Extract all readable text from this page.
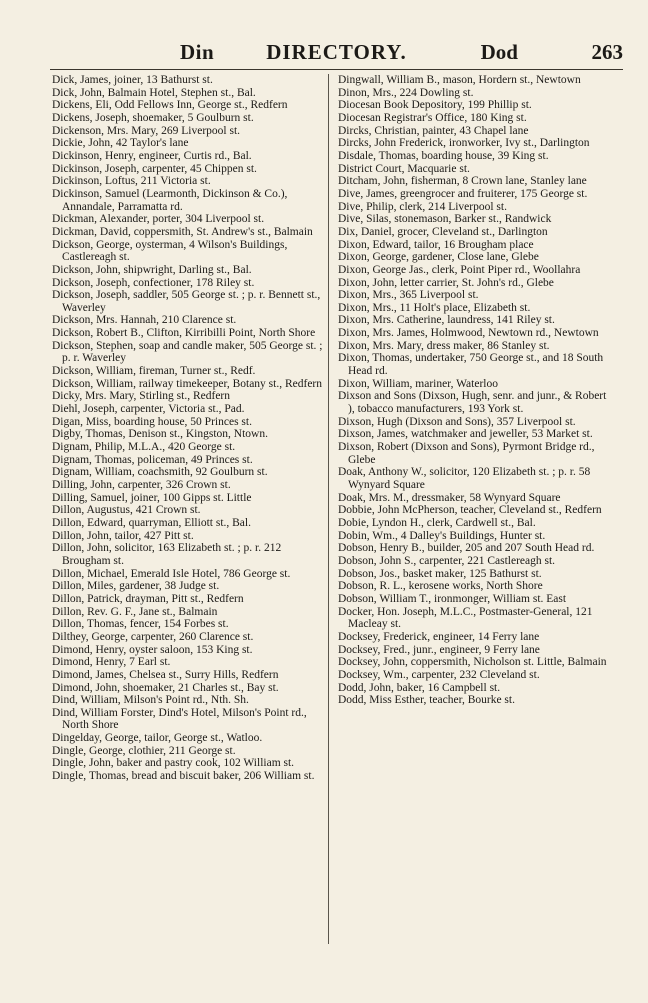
Din	DIRECTORY.	Dod	263
Dick, James, joiner, 13 Bathurst st.
Dick, John, Balmain Hotel, Stephen st., Bal.
Dickens, Eli, Odd Fellows Inn, George st., Redfern
Dickens, Joseph, shoemaker, 5 Goulburn st.
Dickenson, Mrs. Mary, 269 Liverpool st.
Dickie, John, 42 Taylor's lane
Dickinson, Henry, engineer, Curtis rd., Bal.
Dickinson, Joseph, carpenter, 45 Chippen st.
Dickinson, Loftus, 211 Victoria st.
Dickinson, Samuel (Learmonth, Dickinson & Co.), Annandale, Parramatta rd.
Dickman, Alexander, porter, 304 Liverpool st.
Dickman, David, coppersmith, St. Andrew's st., Balmain
Dickson, George, oysterman, 4 Wilson's Buildings, Castlereagh st.
Dickson, John, shipwright, Darling st., Bal.
Dickson, Joseph, confectioner, 178 Riley st.
Dickson, Joseph, saddler, 505 George st. ; p. r. Bennett st., Waverley
Dickson, Mrs. Hannah, 210 Clarence st.
Dickson, Robert B., Clifton, Kirribilli Point, North Shore
Dickson, Stephen, soap and candle maker, 505 George st. ; p. r. Waverley
Dickson, William, fireman, Turner st., Redf.
Dickson, William, railway timekeeper, Botany st., Redfern
Dicky, Mrs. Mary, Stirling st., Redfern
Diehl, Joseph, carpenter, Victoria st., Pad.
Digan, Miss, boarding house, 50 Princes st.
Digby, Thomas, Denison st., Kingston, Ntown.
Dignam, Philip, M.L.A., 420 George st.
Dignam, Thomas, policeman, 49 Princes st.
Dignam, William, coachsmith, 92 Goulburn st.
Dilling, John, carpenter, 326 Crown st.
Dilling, Samuel, joiner, 100 Gipps st. Little
Dillon, Augustus, 421 Crown st.
Dillon, Edward, quarryman, Elliott st., Bal.
Dillon, John, tailor, 427 Pitt st.
Dillon, John, solicitor, 163 Elizabeth st. ; p. r. 212 Brougham st.
Dillon, Michael, Emerald Isle Hotel, 786 George st.
Dillon, Miles, gardener, 38 Judge st.
Dillon, Patrick, drayman, Pitt st., Redfern
Dillon, Rev. G. F., Jane st., Balmain
Dillon, Thomas, fencer, 154 Forbes st.
Dilthey, George, carpenter, 260 Clarence st.
Dimond, Henry, oyster saloon, 153 King st.
Dimond, Henry, 7 Earl st.
Dimond, James, Chelsea st., Surry Hills, Redfern
Dimond, John, shoemaker, 21 Charles st., Bay st.
Dind, William, Milson's Point rd., Nth. Sh.
Dind, William Forster, Dind's Hotel, Milson's Point rd., North Shore
Dingelday, George, tailor, George st., Watloo.
Dingle, George, clothier, 211 George st.
Dingle, John, baker and pastry cook, 102 William st.
Dingle, Thomas, bread and biscuit baker, 206 William st.
Dingwall, William B., mason, Hordern st., Newtown
Dinon, Mrs., 224 Dowling st.
Diocesan Book Depository, 199 Phillip st.
Diocesan Registrar's Office, 180 King st.
Dircks, Christian, painter, 43 Chapel lane
Dircks, John Frederick, ironworker, Ivy st., Darlington
Disdale, Thomas, boarding house, 39 King st.
District Court, Macquarie st.
Ditcham, John, fisherman, 8 Crown lane, Stanley lane
Dive, James, greengrocer and fruiterer, 175 George st.
Dive, Philip, clerk, 214 Liverpool st.
Dive, Silas, stonemason, Barker st., Randwick
Dix, Daniel, grocer, Cleveland st., Darlington
Dixon, Edward, tailor, 16 Brougham place
Dixon, George, gardener, Close lane, Glebe
Dixon, George Jas., clerk, Point Piper rd., Woollahra
Dixon, John, letter carrier, St. John's rd., Glebe
Dixon, Mrs., 365 Liverpool st.
Dixon, Mrs., 11 Holt's place, Elizabeth st.
Dixon, Mrs. Catherine, laundress, 141 Riley st.
Dixon, Mrs. James, Holmwood, Newtown rd., Newtown
Dixon, Mrs. Mary, dress maker, 86 Stanley st.
Dixon, Thomas, undertaker, 750 George st., and 18 South Head rd.
Dixon, William, mariner, Waterloo
Dixson and Sons (Dixson, Hugh, senr. and junr., & Robert ), tobacco manufacturers, 193 York st.
Dixson, Hugh (Dixson and Sons), 357 Liverpool st.
Dixson, James, watchmaker and jeweller, 53 Market st.
Dixson, Robert (Dixson and Sons), Pyrmont Bridge rd., Glebe
Doak, Anthony W., solicitor, 120 Elizabeth st. ; p. r. 58 Wynyard Square
Doak, Mrs. M., dressmaker, 58 Wynyard Square
Dobbie, John McPherson, teacher, Cleveland st., Redfern
Dobie, Lyndon H., clerk, Cardwell st., Bal.
Dobin, Wm., 4 Dalley's Buildings, Hunter st.
Dobson, Henry B., builder, 205 and 207 South Head rd.
Dobson, John S., carpenter, 221 Castlereagh st.
Dobson, Jos., basket maker, 125 Bathurst st.
Dobson, R. L., kerosene works, North Shore
Dobson, William T., ironmonger, William st. East
Docker, Hon. Joseph, M.L.C., Postmaster-General, 121 Macleay st.
Docksey, Frederick, engineer, 14 Ferry lane
Docksey, Fred., junr., engineer, 9 Ferry lane
Docksey, John, coppersmith, Nicholson st. Little, Balmain
Docksey, Wm., carpenter, 232 Cleveland st.
Dodd, John, baker, 16 Campbell st.
Dodd, Miss Esther, teacher, Bourke st.
